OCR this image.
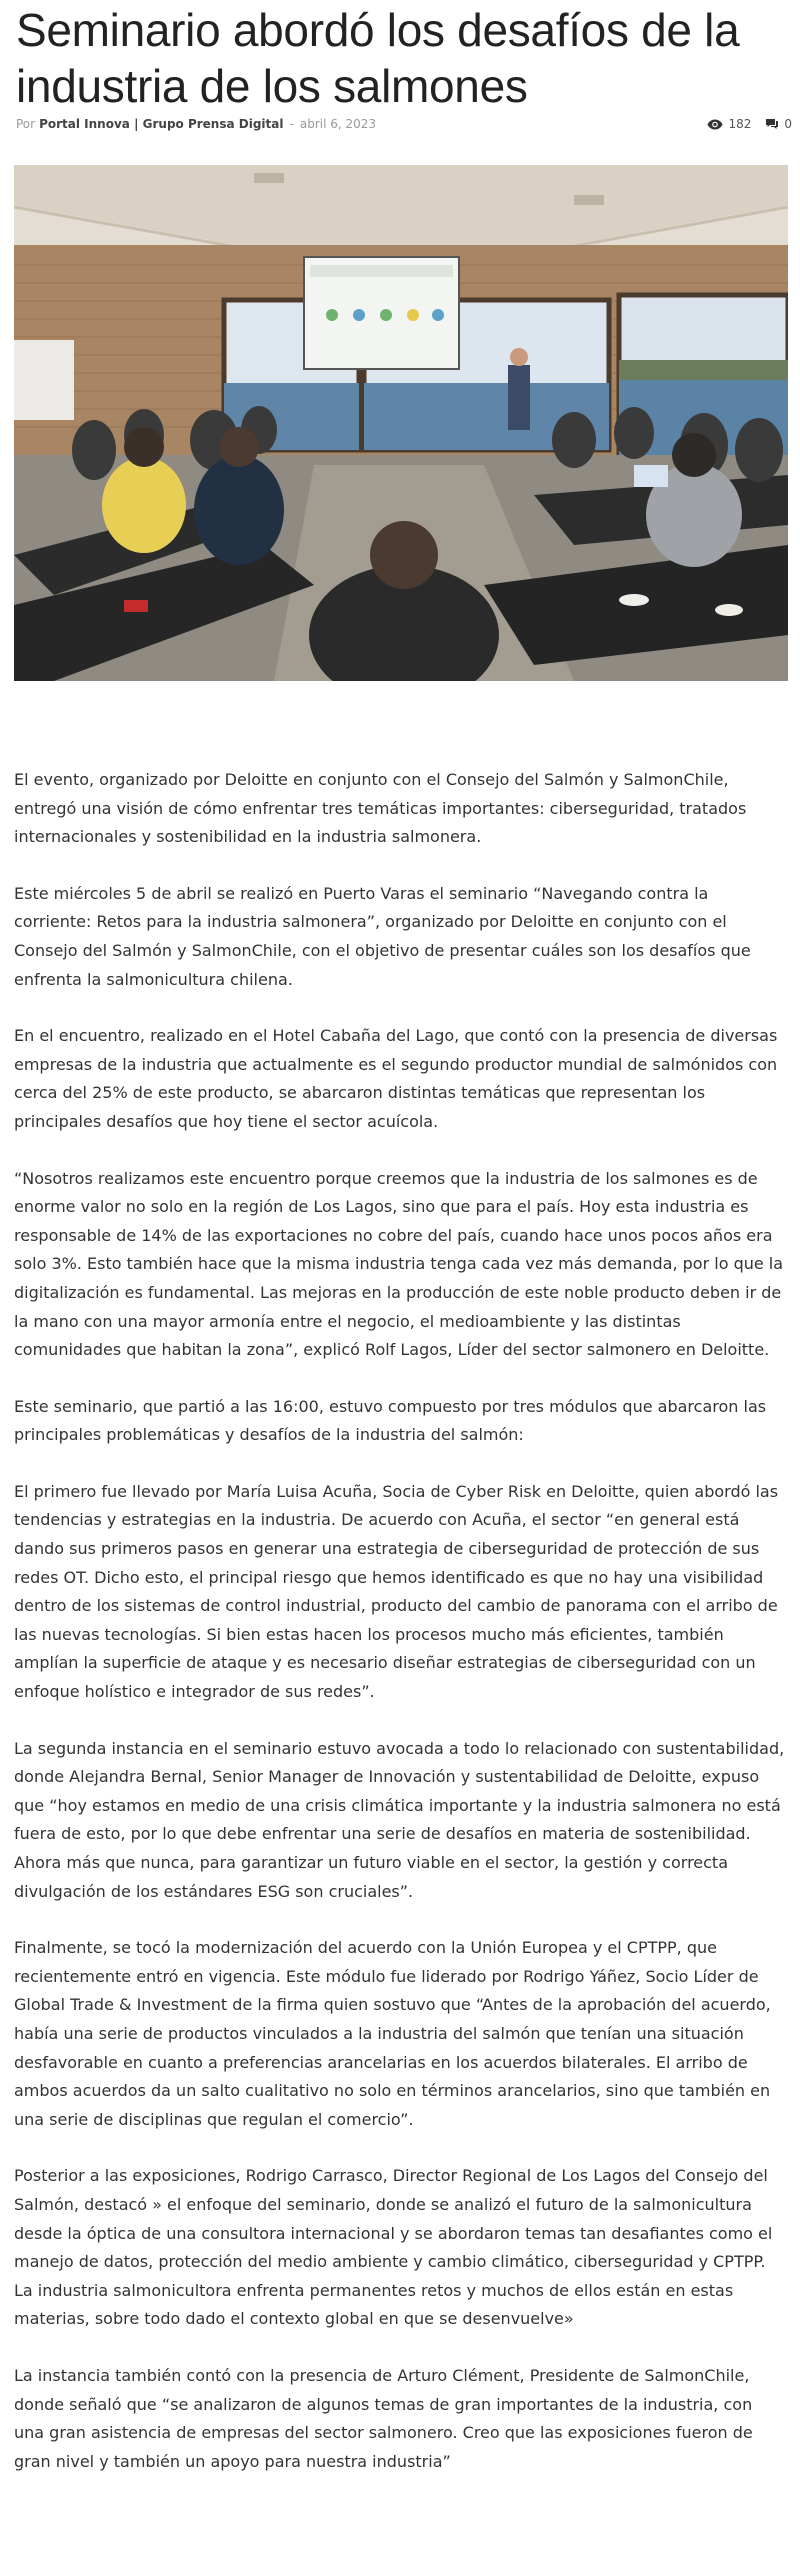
Seminario abordó los desafíos de la industria de los salmones
Por Portal Innova | Grupo Prensa Digital - abril 6, 2023	182	0

El evento, organizado por Deloitte en conjunto con el Consejo del Salmón y SalmonChile, entregó una visión de cómo enfrentar tres temáticas importantes: ciberseguridad, tratados internacionales y sostenibilidad en la industria salmonera.

Este miércoles 5 de abril se realizó en Puerto Varas el seminario “Navegando contra la corriente: Retos para la industria salmonera”, organizado por Deloitte en conjunto con el Consejo del Salmón y SalmonChile, con el objetivo de presentar cuáles son los desafíos que enfrenta la salmonicultura chilena.

En el encuentro, realizado en el Hotel Cabaña del Lago, que contó con la presencia de diversas empresas de la industria que actualmente es el segundo productor mundial de salmónidos con cerca del 25% de este producto, se abarcaron distintas temáticas que representan los principales desafíos que hoy tiene el sector acuícola.

“Nosotros realizamos este encuentro porque creemos que la industria de los salmones es de enorme valor no solo en la región de Los Lagos, sino que para el país. Hoy esta industria es responsable de 14% de las exportaciones no cobre del país, cuando hace unos pocos años era solo 3%. Esto también hace que la misma industria tenga cada vez más demanda, por lo que la digitalización es fundamental. Las mejoras en la producción de este noble producto deben ir de la mano con una mayor armonía entre el negocio, el medioambiente y las distintas comunidades que habitan la zona”, explicó Rolf Lagos, Líder del sector salmonero en Deloitte.

Este seminario, que partió a las 16:00, estuvo compuesto por tres módulos que abarcaron las principales problemáticas y desafíos de la industria del salmón:

El primero fue llevado por María Luisa Acuña, Socia de Cyber Risk en Deloitte, quien abordó las tendencias y estrategias en la industria. De acuerdo con Acuña, el sector “en general está dando sus primeros pasos en generar una estrategia de ciberseguridad de protección de sus redes OT. Dicho esto, el principal riesgo que hemos identificado es que no hay una visibilidad dentro de los sistemas de control industrial, producto del cambio de panorama con el arribo de las nuevas tecnologías. Si bien estas hacen los procesos mucho más eficientes, también amplían la superficie de ataque y es necesario diseñar estrategias de ciberseguridad con un enfoque holístico e integrador de sus redes”.

La segunda instancia en el seminario estuvo avocada a todo lo relacionado con sustentabilidad, donde Alejandra Bernal, Senior Manager de Innovación y sustentabilidad de Deloitte, expuso que “hoy estamos en medio de una crisis climática importante y la industria salmonera no está fuera de esto, por lo que debe enfrentar una serie de desafíos en materia de sostenibilidad. Ahora más que nunca, para garantizar un futuro viable en el sector, la gestión y correcta divulgación de los estándares ESG son cruciales”.

Finalmente, se tocó la modernización del acuerdo con la Unión Europea y el CPTPP, que recientemente entró en vigencia. Este módulo fue liderado por Rodrigo Yáñez, Socio Líder de Global Trade & Investment de la firma quien sostuvo que “Antes de la aprobación del acuerdo, había una serie de productos vinculados a la industria del salmón que tenían una situación desfavorable en cuanto a preferencias arancelarias en los acuerdos bilaterales. El arribo de ambos acuerdos da un salto cualitativo no solo en términos arancelarios, sino que también en una serie de disciplinas que regulan el comercio”.

Posterior a las exposiciones, Rodrigo Carrasco, Director Regional de Los Lagos del Consejo del Salmón, destacó » el enfoque del seminario, donde se analizó el futuro de la salmonicultura desde la óptica de una consultora internacional y se abordaron temas tan desafiantes como el manejo de datos, protección del medio ambiente y cambio climático, ciberseguridad y CPTPP. La industria salmonicultora enfrenta permanentes retos y muchos de ellos están en estas materias, sobre todo dado el contexto global en que se desenvuelve»

La instancia también contó con la presencia de Arturo Clément, Presidente de SalmonChile, donde señaló que “se analizaron de algunos temas de gran importantes de la industria, con una gran asistencia de empresas del sector salmonero. Creo que las exposiciones fueron de gran nivel y también un apoyo para nuestra industria”
